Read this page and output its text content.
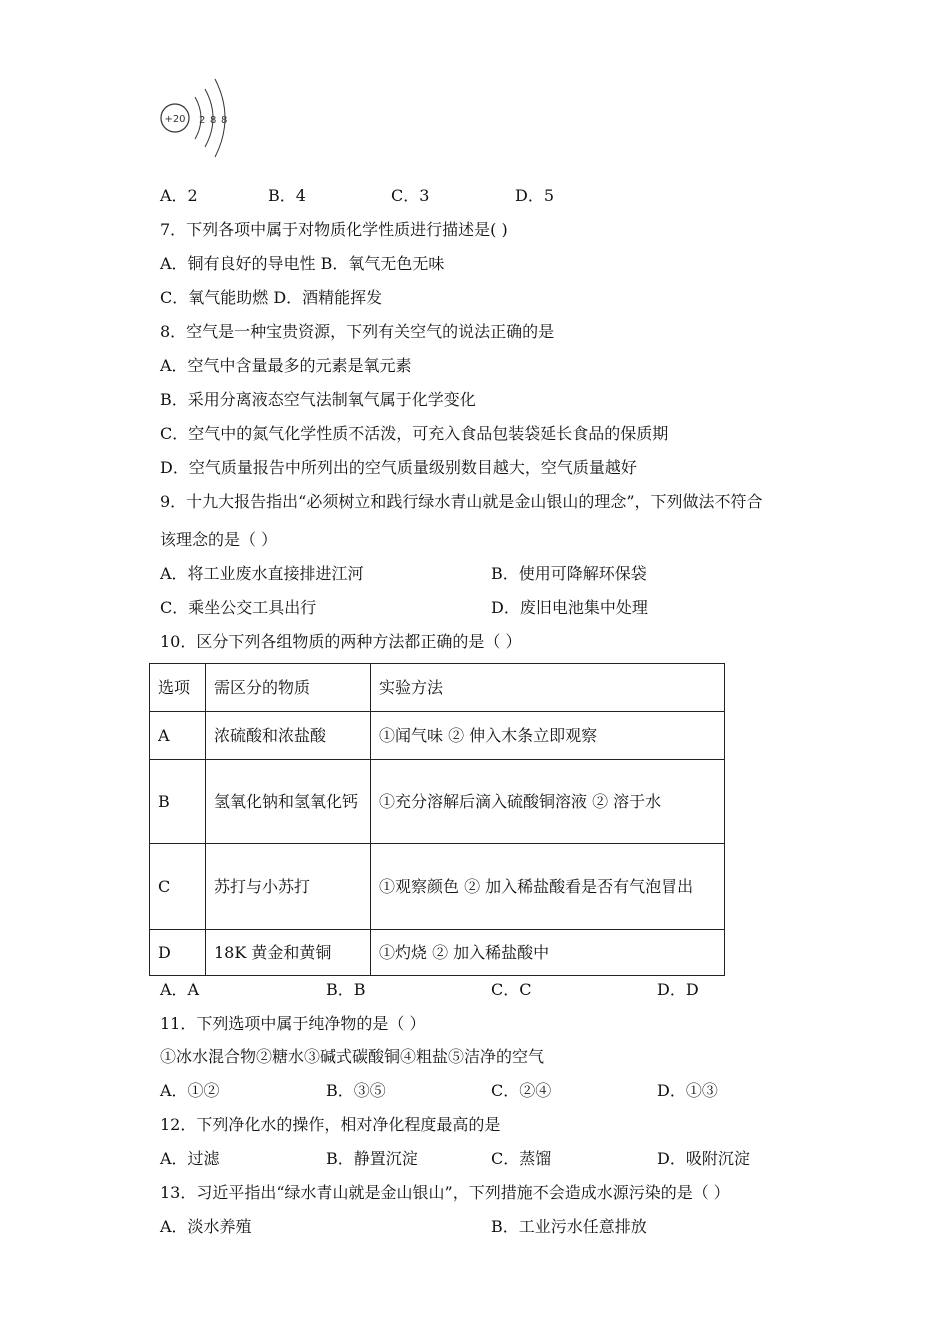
+20 2 8 8
A．2	B．4	C．3	D．5
7．下列各项中属于对物质化学性质进行描述是( )
A．铜有良好的导电性 B．氧气无色无味
C．氧气能助燃 D．酒精能挥发
8．空气是一种宝贵资源，下列有关空气的说法正确的是
A．空气中含量最多的元素是氧元素
B．采用分离液态空气法制氧气属于化学变化
C．空气中的氮气化学性质不活泼，可充入食品包装袋延长食品的保质期
D．空气质量报告中所列出的空气质量级别数目越大，空气质量越好
9．十九大报告指出“必须树立和践行绿水青山就是金山银山的理念”，下列做法不符合
该理念的是（ ）
A．将工业废水直接排进江河	B．使用可降解环保袋
C．乘坐公交工具出行	D．废旧电池集中处理
10．区分下列各组物质的两种方法都正确的是（ ）
选项	需区分的物质	实验方法
A	浓硫酸和浓盐酸	①闻气味 ② 伸入木条立即观察
B	氢氧化钠和氢氧化钙	①充分溶解后滴入硫酸铜溶液 ② 溶于水
C	苏打与小苏打	①观察颜色 ② 加入稀盐酸看是否有气泡冒出
D	18K 黄金和黄铜	①灼烧 ② 加入稀盐酸中
A．A	B．B	C．C	D．D
11．下列选项中属于纯净物的是（ ）
①冰水混合物②糖水③碱式碳酸铜④粗盐⑤洁净的空气
A．①②	B．③⑤	C．②④	D．①③
12．下列净化水的操作，相对净化程度最高的是
A．过滤	B．静置沉淀	C．蒸馏	D．吸附沉淀
13．习近平指出“绿水青山就是金山银山”，下列措施不会造成水源污染的是（ ）
A．淡水养殖	B．工业污水任意排放
